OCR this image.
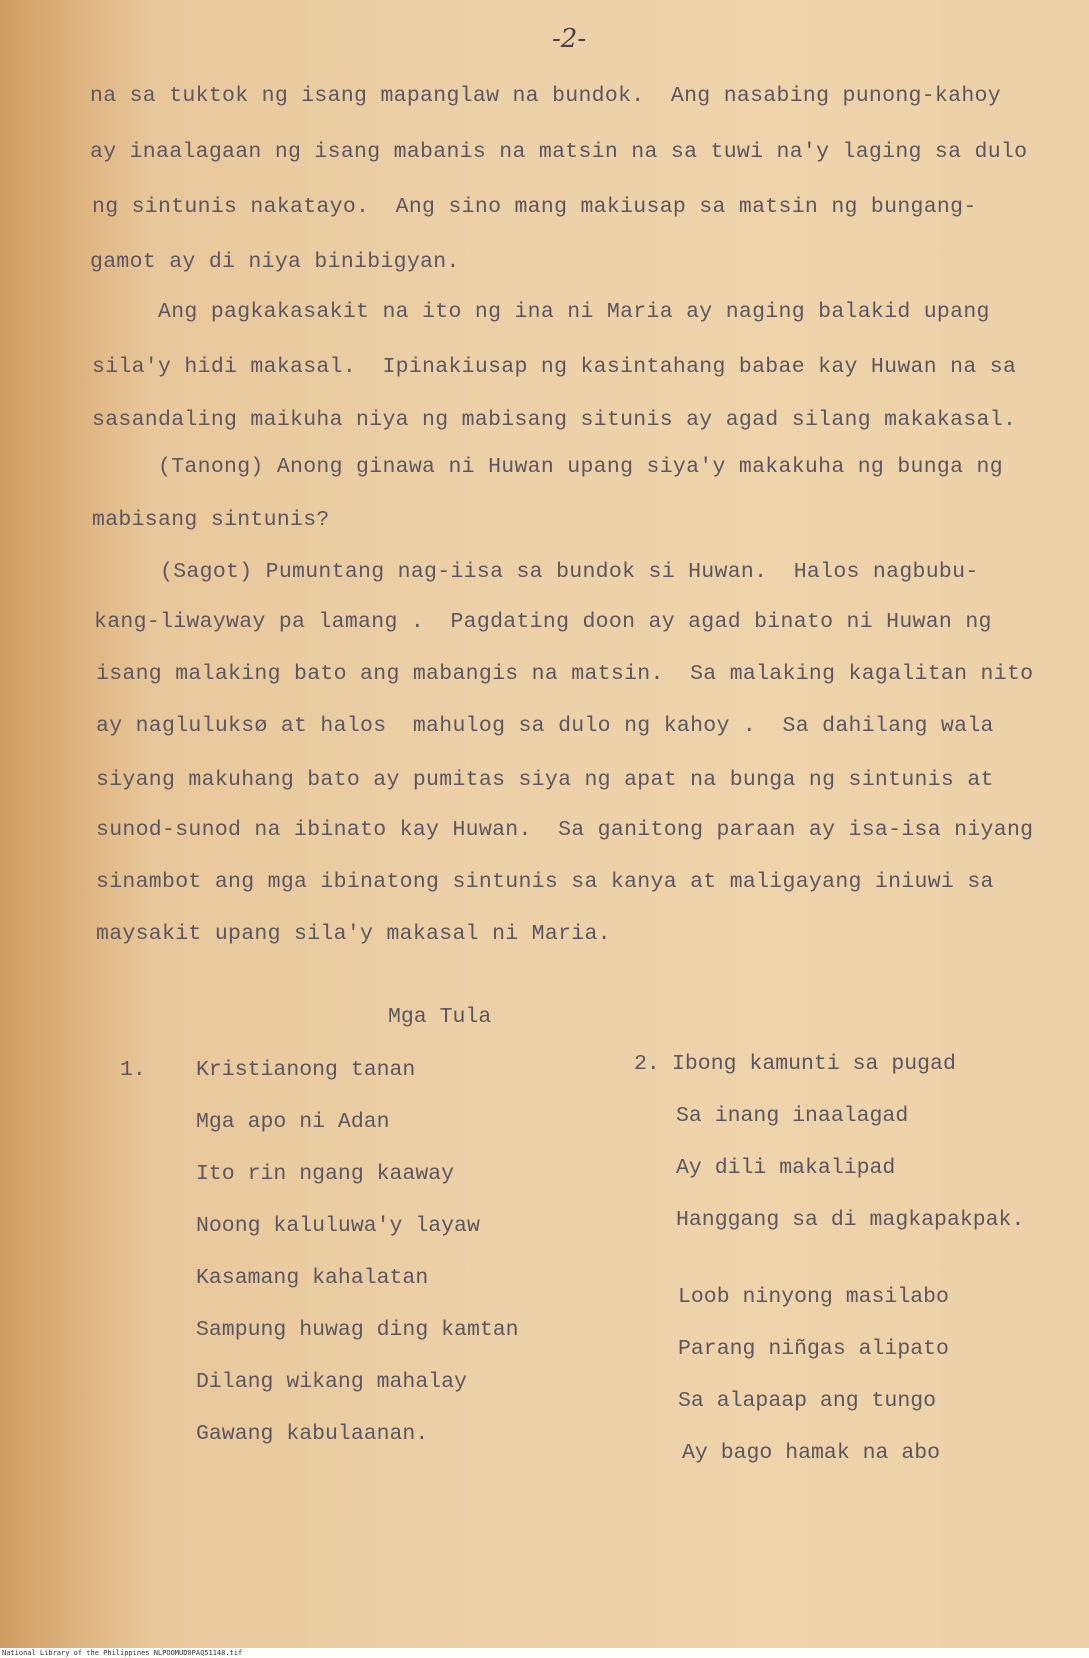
-2-
na sa tuktok ng isang mapanglaw na bundok.  Ang nasabing punong-kahoy
ay inaalagaan ng isang mabanis na matsin na sa tuwi na'y laging sa dulo
ng sintunis nakatayo.  Ang sino mang makiusap sa matsin ng bungang-
gamot ay di niya binibigyan.
Ang pagkakasakit na ito ng ina ni Maria ay naging balakid upang
sila'y hidi makasal.  Ipinakiusap ng kasintahang babae kay Huwan na sa
sasandaling maikuha niya ng mabisang situnis ay agad silang makakasal.
(Tanong) Anong ginawa ni Huwan upang siya'y makakuha ng bunga ng
mabisang sintunis?
(Sagot) Pumuntang nag-iisa sa bundok si Huwan.  Halos nagbubu-
kang-liwayway pa lamang .  Pagdating doon ay agad binato ni Huwan ng
isang malaking bato ang mabangis na matsin.  Sa malaking kagalitan nito
ay nagluluksø at halos  mahulog sa dulo ng kahoy .  Sa dahilang wala
siyang makuhang bato ay pumitas siya ng apat na bunga ng sintunis at
sunod-sunod na ibinato kay Huwan.  Sa ganitong paraan ay isa-isa niyang
sinambot ang mga ibinatong sintunis sa kanya at maligayang iniuwi sa
maysakit upang sila'y makasal ni Maria.
Mga Tula
1. Kristianong tanan
Mga apo ni Adan
Ito rin ngang kaaway
Noong kaluluwa'y layaw
Kasamang kahalatan
Sampung huwag ding kamtan
Dilang wikang mahalay
Gawang kabulaanan.
2. Ibong kamunti sa pugad
Sa inang inaalagad
Ay dili makalipad
Hanggang sa di magkapakpak.
Loob ninyong masilabo
Parang niñgas alipato
Sa alapaap ang tungo
Ay bago hamak na abo
National Library of the Philippines NLPOOMUD0PAQ51148.tif
